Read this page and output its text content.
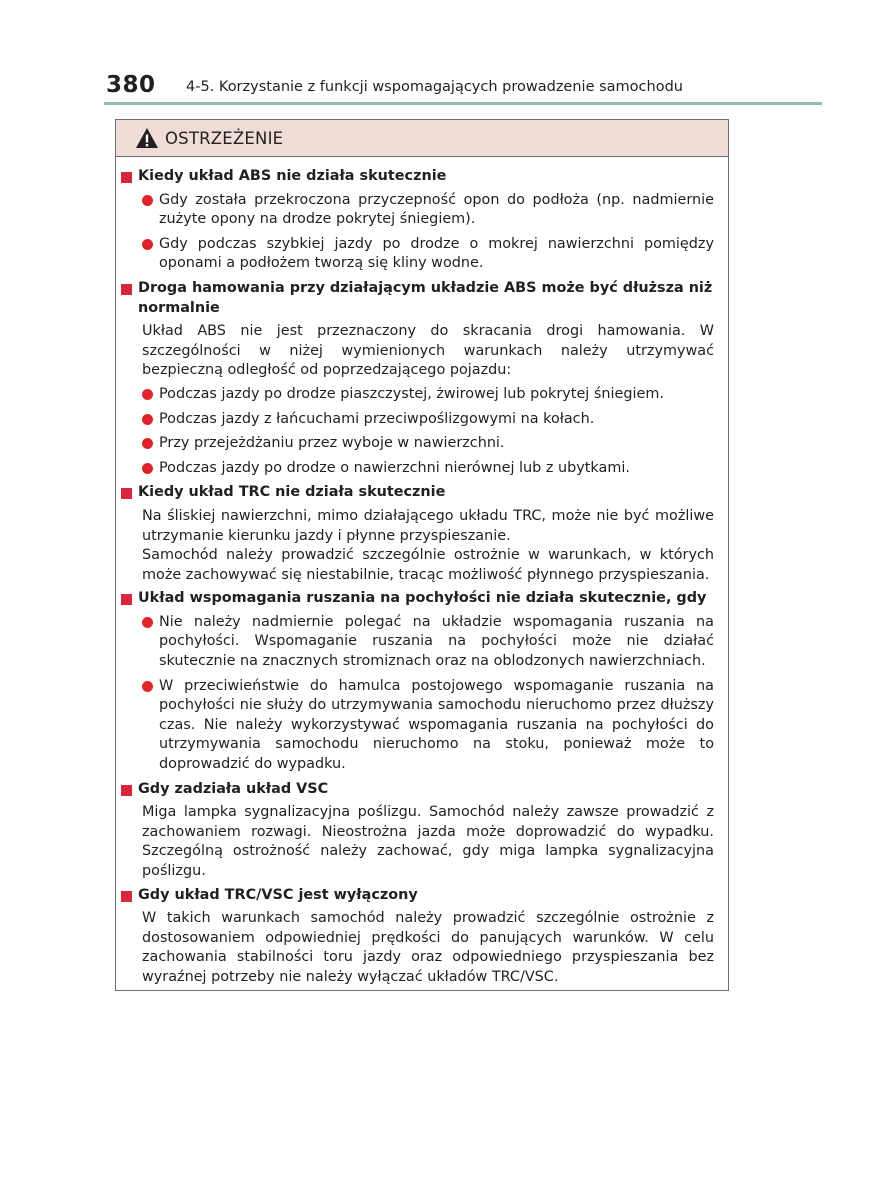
380 4-5. Korzystanie z funkcji wspomagających prowadzenie samochodu
OSTRZEŻENIE
Kiedy układ ABS nie działa skutecznie
Gdy została przekroczona przyczepność opon do podłoża (np. nadmiernie zużyte opony na drodze pokrytej śniegiem).
Gdy podczas szybkiej jazdy po drodze o mokrej nawierzchni pomiędzy oponami a podłożem tworzą się kliny wodne.
Droga hamowania przy działającym układzie ABS może być dłuższa niż normalnie
Układ ABS nie jest przeznaczony do skracania drogi hamowania. W szczególności w niżej wymienionych warunkach należy utrzymywać bezpieczną odległość od poprzedzającego pojazdu:
Podczas jazdy po drodze piaszczystej, żwirowej lub pokrytej śniegiem.
Podczas jazdy z łańcuchami przeciwpoślizgowymi na kołach.
Przy przejeżdżaniu przez wyboje w nawierzchni.
Podczas jazdy po drodze o nawierzchni nierównej lub z ubytkami.
Kiedy układ TRC nie działa skutecznie
Na śliskiej nawierzchni, mimo działającego układu TRC, może nie być możliwe utrzymanie kierunku jazdy i płynne przyspieszanie.
Samochód należy prowadzić szczególnie ostrożnie w warunkach, w których może zachowywać się niestabilnie, tracąc możliwość płynnego przyspieszania.
Układ wspomagania ruszania na pochyłości nie działa skutecznie, gdy
Nie należy nadmiernie polegać na układzie wspomagania ruszania na pochyłości. Wspomaganie ruszania na pochyłości może nie działać skutecznie na znacznych stromiznach oraz na oblodzonych nawierzchniach.
W przeciwieństwie do hamulca postojowego wspomaganie ruszania na pochyłości nie służy do utrzymywania samochodu nieruchomo przez dłuższy czas. Nie należy wykorzystywać wspomagania ruszania na pochyłości do utrzymywania samochodu nieruchomo na stoku, ponieważ może to doprowadzić do wypadku.
Gdy zadziała układ VSC
Miga lampka sygnalizacyjna poślizgu. Samochód należy zawsze prowadzić z zachowaniem rozwagi. Nieostrożna jazda może doprowadzić do wypadku. Szczególną ostrożność należy zachować, gdy miga lampka sygnalizacyjna poślizgu.
Gdy układ TRC/VSC jest wyłączony
W takich warunkach samochód należy prowadzić szczególnie ostrożnie z dostosowaniem odpowiedniej prędkości do panujących warunków. W celu zachowania stabilności toru jazdy oraz odpowiedniego przyspieszania bez wyraźnej potrzeby nie należy wyłączać układów TRC/VSC.
